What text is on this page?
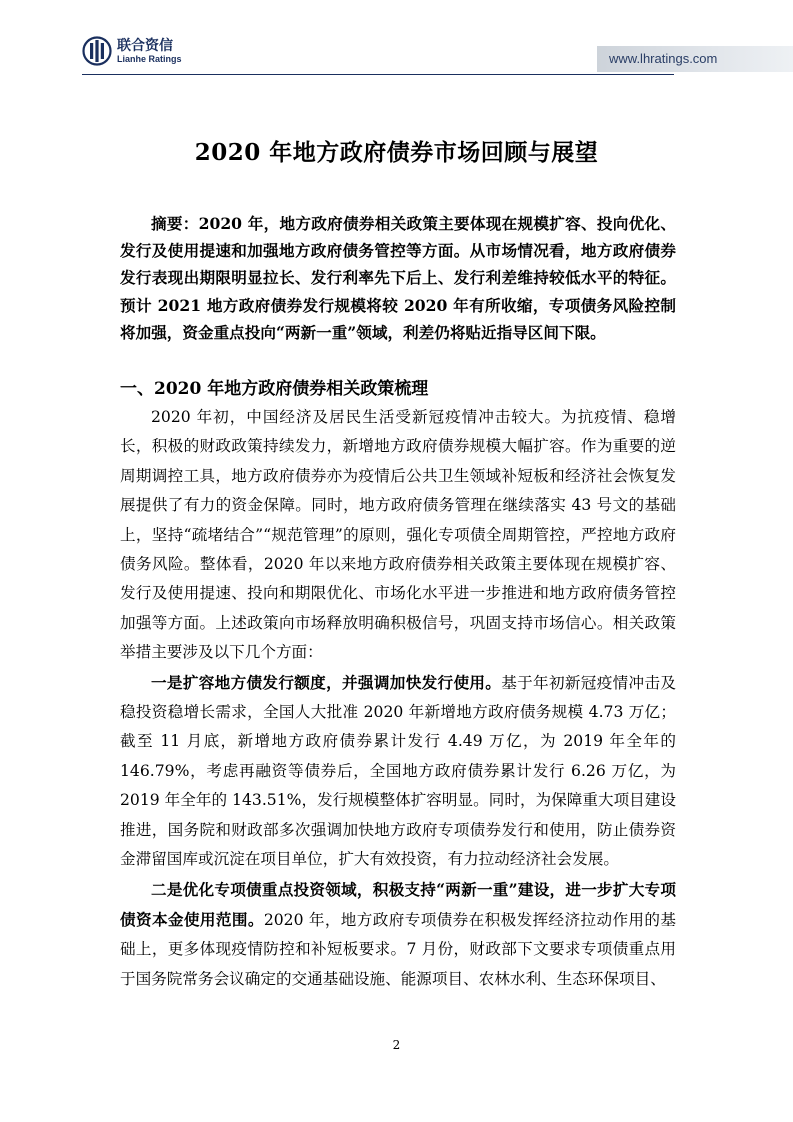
联合资信
Lianhe Ratings	www.lhratings.com
2020 年地方政府债券市场回顾与展望
摘要：2020 年，地方政府债券相关政策主要体现在规模扩容、投向优化、发行及使用提速和加强地方政府债务管控等方面。从市场情况看，地方政府债券发行表现出期限明显拉长、发行利率先下后上、发行利差维持较低水平的特征。预计 2021 地方政府债券发行规模将较 2020 年有所收缩，专项债务风险控制将加强，资金重点投向“两新一重”领域，利差仍将贴近指导区间下限。
一、2020 年地方政府债券相关政策梳理

2020 年初，中国经济及居民生活受新冠疫情冲击较大。为抗疫情、稳增长，积极的财政政策持续发力，新增地方政府债券规模大幅扩容。作为重要的逆周期调控工具，地方政府债券亦为疫情后公共卫生领域补短板和经济社会恢复发展提供了有力的资金保障。同时，地方政府债务管理在继续落实 43 号文的基础上，坚持“疏堵结合”“规范管理”的原则，强化专项债全周期管控，严控地方政府债务风险。整体看，2020 年以来地方政府债券相关政策主要体现在规模扩容、发行及使用提速、投向和期限优化、市场化水平进一步推进和地方政府债务管控加强等方面。上述政策向市场释放明确积极信号，巩固支持市场信心。相关政策举措主要涉及以下几个方面：

一是扩容地方债发行额度，并强调加快发行使用。基于年初新冠疫情冲击及稳投资稳增长需求，全国人大批准 2020 年新增地方政府债务规模 4.73 万亿；截至 11 月底，新增地方政府债券累计发行 4.49 万亿，为 2019 年全年的 146.79%，考虑再融资等债券后，全国地方政府债券累计发行 6.26 万亿，为 2019 年全年的 143.51%，发行规模整体扩容明显。同时，为保障重大项目建设推进，国务院和财政部多次强调加快地方政府专项债券发行和使用，防止债券资金滞留国库或沉淀在项目单位，扩大有效投资，有力拉动经济社会发展。

二是优化专项债重点投资领域，积极支持“两新一重”建设，进一步扩大专项债资本金使用范围。2020 年，地方政府专项债券在积极发挥经济拉动作用的基础上，更多体现疫情防控和补短板要求。7 月份，财政部下文要求专项债重点用于国务院常务会议确定的交通基础设施、能源项目、农林水利、生态环保项目、

2
